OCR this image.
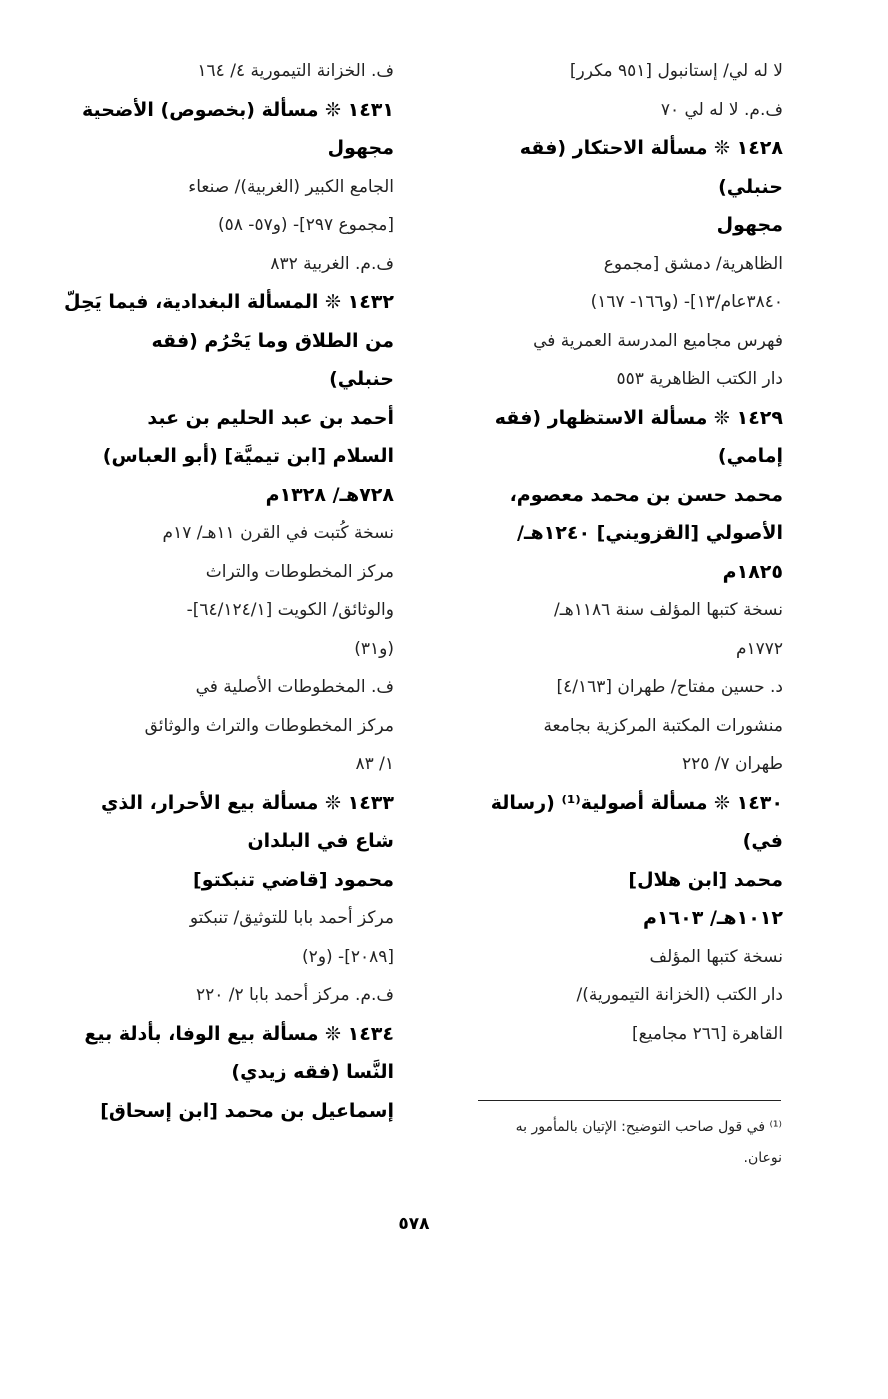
لا له لي/ إستانبول [٩٥١ مكرر]
ف.م. لا له لي ٧٠
١٤٢٨ ❊ مسألة الاحتكار (فقه
حنبلي)
مجهول
الظاهرية/ دمشق [مجموع
٣٨٤٠عام/١٣]- (و١٦٦- ١٦٧)
فهرس مجاميع المدرسة العمرية في
دار الكتب الظاهرية ٥٥٣
١٤٢٩ ❊ مسألة الاستظهار (فقه
إمامي)
محمد حسن بن محمد معصوم،
الأصولي [القزويني] ١٢٤٠هـ/
١٨٢٥م
نسخة كتبها المؤلف سنة ١١٨٦هـ/
١٧٧٢م
د. حسين مفتاح/ طهران [٤/١٦٣]
منشورات المكتبة المركزية بجامعة
طهران ٧/ ٢٢٥
١٤٣٠ ❊ مسألة أصولية⁽¹⁾ (رسالة
في)
محمد [ابن هلال]
١٠١٢هـ/ ١٦٠٣م
نسخة كتبها المؤلف
دار الكتب (الخزانة التيمورية)/
القاهرة [٢٦٦ مجاميع]
ف. الخزانة التيمورية ٤/ ١٦٤
١٤٣١ ❊ مسألة (بخصوص) الأضحية
مجهول
الجامع الكبير (الغربية)/ صنعاء
[مجموع ٢٩٧]- (و٥٧- ٥٨)
ف.م. الغربية ٨٣٢
١٤٣٢ ❊ المسألة البغدادية، فيما يَحِلّ
من الطلاق وما يَحْرُم (فقه
حنبلي)
أحمد بن عبد الحليم بن عبد
السلام [ابن تيميَّة] (أبو العباس)
٧٢٨هـ/ ١٣٢٨م
نسخة كُتبت في القرن ١١هـ/ ١٧م
مركز المخطوطات والتراث
والوثائق/ الكويت [٦٤/١٢٤/١]-
(و٣١)
ف. المخطوطات الأصلية في
مركز المخطوطات والتراث والوثائق
١/ ٨٣
١٤٣٣ ❊ مسألة بيع الأحرار، الذي
شاع في البلدان
محمود [قاضي تنبكتو]
مركز أحمد بابا للتوثيق/ تنبكتو
[٢٠٨٩]- (و٢)
ف.م. مركز أحمد بابا ٢/ ٢٢٠
١٤٣٤ ❊ مسألة بيع الوفا، بأدلة بيع
النَّسا (فقه زيدي)
إسماعيل بن محمد [ابن إسحاق]
⁽¹⁾ في قول صاحب التوضيح: الإتيان بالمأمور به
نوعان.
٥٧٨
